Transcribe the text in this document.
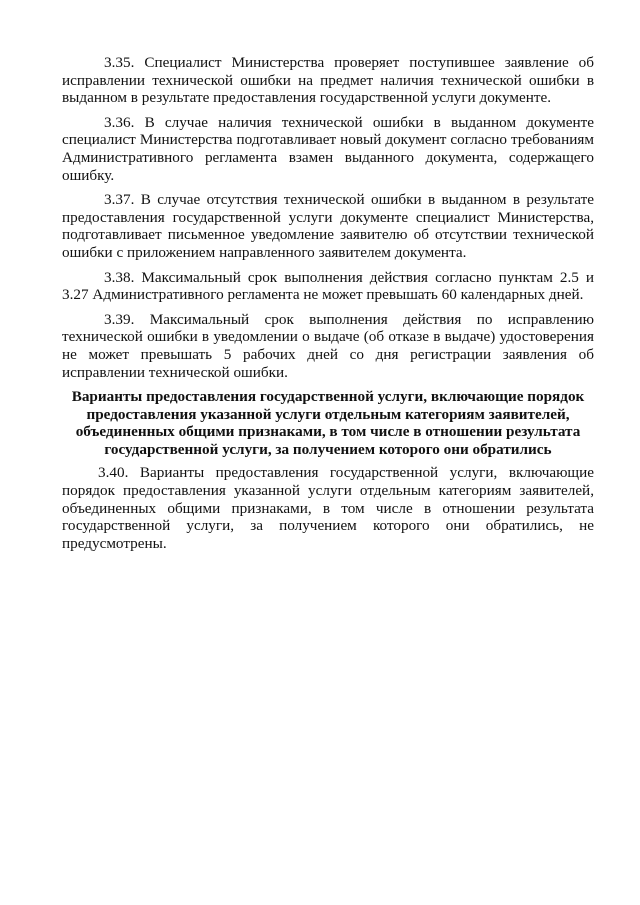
3.35. Специалист Министерства проверяет поступившее заявление об исправлении технической ошибки на предмет наличия технической ошибки в выданном в результате предоставления государственной услуги документе.

3.36. В случае наличия технической ошибки в выданном документе специалист Министерства подготавливает новый документ согласно требованиям Административного регламента взамен выданного документа, содержащего ошибку.

3.37. В случае отсутствия технической ошибки в выданном в результате предоставления государственной услуги документе специалист Министерства, подготавливает письменное уведомление заявителю об отсутствии технической ошибки с приложением направленного заявителем документа.

3.38. Максимальный срок выполнения действия согласно пунктам 2.5 и 3.27 Административного регламента не может превышать 60 календарных дней.

3.39. Максимальный срок выполнения действия по исправлению технической ошибки в уведомлении о выдаче (об отказе в выдаче) удостоверения не может превышать 5 рабочих дней со дня регистрации заявления об исправлении технической ошибки.

Варианты предоставления государственной услуги, включающие порядок предоставления указанной услуги отдельным категориям заявителей, объединенных общими признаками, в том числе в отношении результата государственной услуги, за получением которого они обратились

3.40. Варианты предоставления государственной услуги, включающие порядок предоставления указанной услуги отдельным категориям заявителей, объединенных общими признаками, в том числе в отношении результата государственной услуги, за получением которого они обратились, не предусмотрены.
